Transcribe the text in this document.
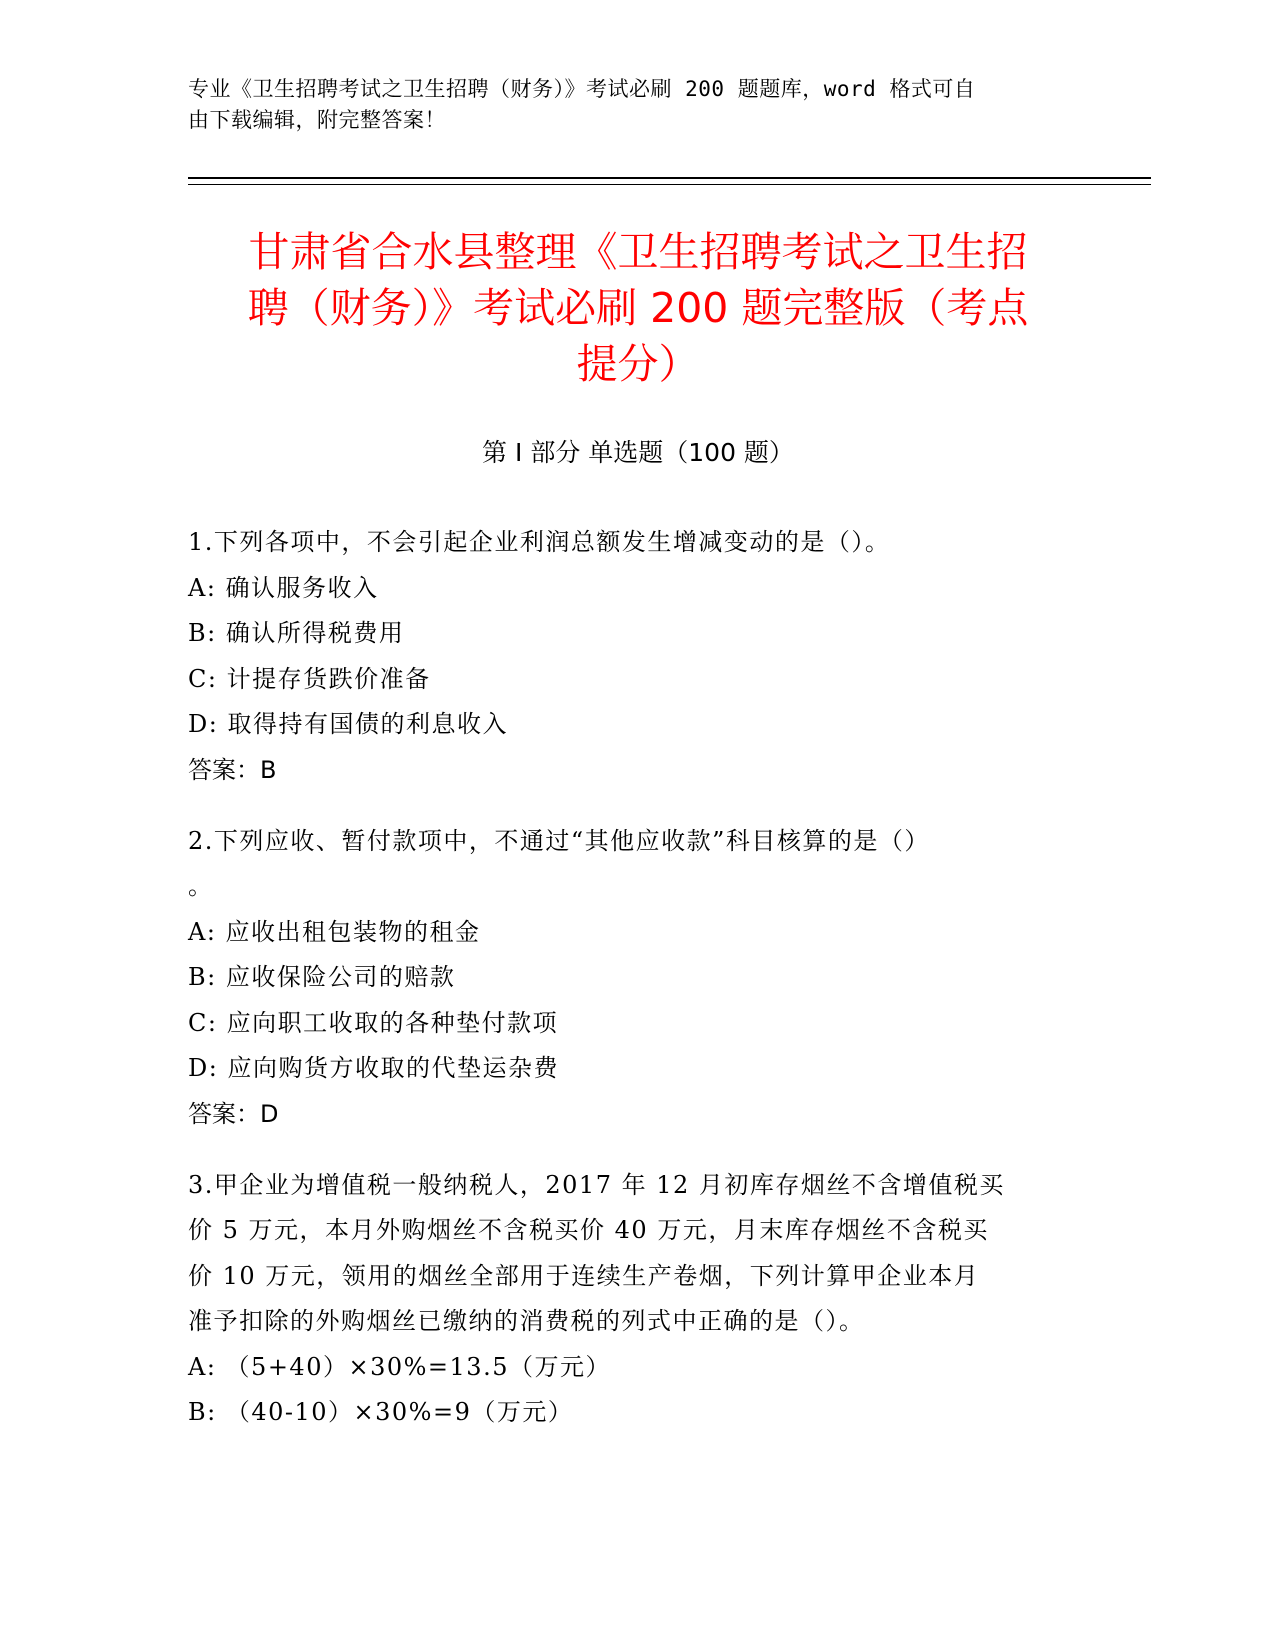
专业《卫生招聘考试之卫生招聘（财务）》考试必刷 200 题题库，word 格式可自
由下载编辑，附完整答案！
甘肃省合水县整理《卫生招聘考试之卫生招
聘（财务）》考试必刷 200 题完整版（考点
提分）
第 I 部分 单选题（100 题）

1.下列各项中，不会引起企业利润总额发生增减变动的是（）。

A: 确认服务收入

B: 确认所得税费用

C: 计提存货跌价准备

D: 取得持有国债的利息收入

答案：B

2.下列应收、暂付款项中，不通过“其他应收款”科目核算的是（）

。

A: 应收出租包装物的租金

B: 应收保险公司的赔款

C: 应向职工收取的各种垫付款项

D: 应向购货方收取的代垫运杂费

答案：D

3.甲企业为增值税一般纳税人，2017 年 12 月初库存烟丝不含增值税买

价 5 万元，本月外购烟丝不含税买价 40 万元，月末库存烟丝不含税买

价 10 万元，领用的烟丝全部用于连续生产卷烟，下列计算甲企业本月

准予扣除的外购烟丝已缴纳的消费税的列式中正确的是（）。

A: （5+40）×30%=13.5（万元）

B: （40-10）×30%=9（万元）
